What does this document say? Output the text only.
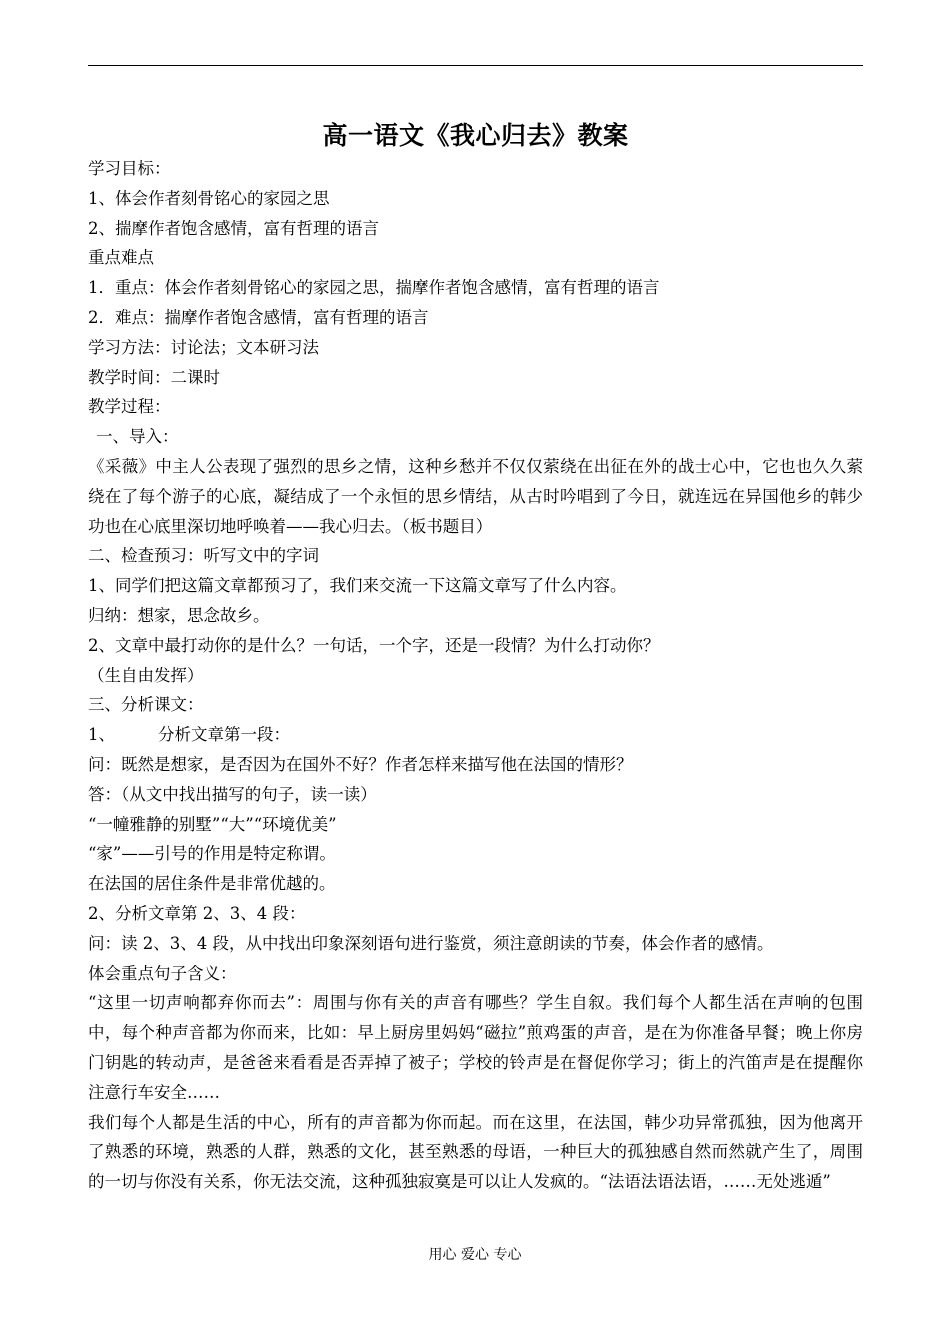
高一语文《我心归去》教案
学习目标：
1、体会作者刻骨铭心的家园之思
2、揣摩作者饱含感情，富有哲理的语言
重点难点
1．重点：体会作者刻骨铭心的家园之思，揣摩作者饱含感情，富有哲理的语言
2．难点：揣摩作者饱含感情，富有哲理的语言
学习方法：讨论法；文本研习法
教学时间：二课时
教学过程：
一、导入：
《采薇》中主人公表现了强烈的思乡之情，这种乡愁并不仅仅萦绕在出征在外的战士心中，它也也久久萦绕在了每个游子的心底，凝结成了一个永恒的思乡情结，从古时吟唱到了今日，就连远在异国他乡的韩少功也在心底里深切地呼唤着——我心归去。（板书题目）
二、检查预习：听写文中的字词
1、同学们把这篇文章都预习了，我们来交流一下这篇文章写了什么内容。
归纳：想家，思念故乡。
2、文章中最打动你的是什么？一句话，一个字，还是一段情？为什么打动你？
（生自由发挥）
三、分析课文：
1、	分析文章第一段：
问：既然是想家，是否因为在国外不好？作者怎样来描写他在法国的情形？
答：（从文中找出描写的句子，读一读）
“一幢雅静的别墅”“大”“环境优美”
“家”——引号的作用是特定称谓。
在法国的居住条件是非常优越的。
2、分析文章第 2、3、4 段：
问：读 2、3、4 段，从中找出印象深刻语句进行鉴赏，须注意朗读的节奏，体会作者的感情。
体会重点句子含义：
“这里一切声响都弃你而去”：周围与你有关的声音有哪些？学生自叙。我们每个人都生活在声响的包围中，每个种声音都为你而来，比如：早上厨房里妈妈“磁拉”煎鸡蛋的声音，是在为你准备早餐；晚上你房门钥匙的转动声，是爸爸来看看是否弄掉了被子；学校的铃声是在督促你学习；街上的汽笛声是在提醒你注意行车安全……
我们每个人都是生活的中心，所有的声音都为你而起。而在这里，在法国，韩少功异常孤独，因为他离开了熟悉的环境，熟悉的人群，熟悉的文化，甚至熟悉的母语，一种巨大的孤独感自然而然就产生了，周围的一切与你没有关系，你无法交流，这种孤独寂寞是可以让人发疯的。“法语法语法语，……无处逃遁”
用心 爱心 专心
